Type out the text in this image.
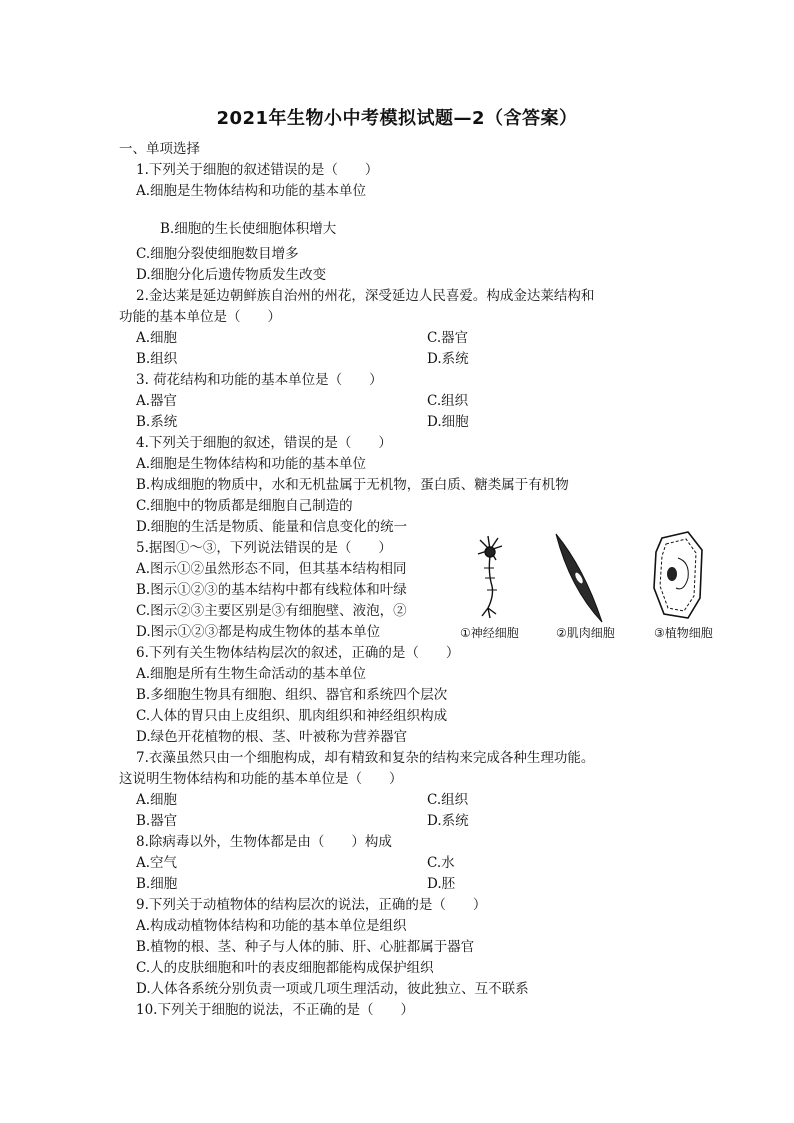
2021年生物小中考模拟试题—2（含答案）
一、单项选择
1.下列关于细胞的叙述错误的是（　　）
A.细胞是生物体结构和功能的基本单位
B.细胞的生长使细胞体积增大
C.细胞分裂使细胞数目增多
D.细胞分化后遗传物质发生改变
2.金达莱是延边朝鲜族自治州的州花，深受延边人民喜爱。构成金达莱结构和
功能的基本单位是（　　）
A.细胞	C.器官
B.组织	D.系统
3. 荷花结构和功能的基本单位是（　　）
A.器官	C.组织
B.系统	D.细胞
4.下列关于细胞的叙述，错误的是（　　）
A.细胞是生物体结构和功能的基本单位
B.构成细胞的物质中，水和无机盐属于无机物，蛋白质、糖类属于有机物
C.细胞中的物质都是细胞自己制造的
D.细胞的生活是物质、能量和信息变化的统一
5.据图①～③，下列说法错误的是（　　）
A.图示①②虽然形态不同，但其基本结构相同
B.图示①②③的基本结构中都有线粒体和叶绿
C.图示②③主要区别是③有细胞壁、液泡，②
D.图示①②③都是构成生物体的基本单位	①神经细胞	②肌肉细胞	③植物细胞
6.下列有关生物体结构层次的叙述，正确的是（　　）
A.细胞是所有生物生命活动的基本单位
B.多细胞生物具有细胞、组织、器官和系统四个层次
C.人体的胃只由上皮组织、肌肉组织和神经组织构成
D.绿色开花植物的根、茎、叶被称为营养器官
7.衣藻虽然只由一个细胞构成，却有精致和复杂的结构来完成各种生理功能。
这说明生物体结构和功能的基本单位是（　　）
A.细胞	C.组织
B.器官	D.系统
8.除病毒以外，生物体都是由（　　）构成
A.空气	C.水
B.细胞	D.胚
9.下列关于动植物体的结构层次的说法，正确的是（　　）
A.构成动植物体结构和功能的基本单位是组织
B.植物的根、茎、种子与人体的肺、肝、心脏都属于器官
C.人的皮肤细胞和叶的表皮细胞都能构成保护组织
D.人体各系统分别负责一项或几项生理活动，彼此独立、互不联系
10.下列关于细胞的说法，不正确的是（　　）
